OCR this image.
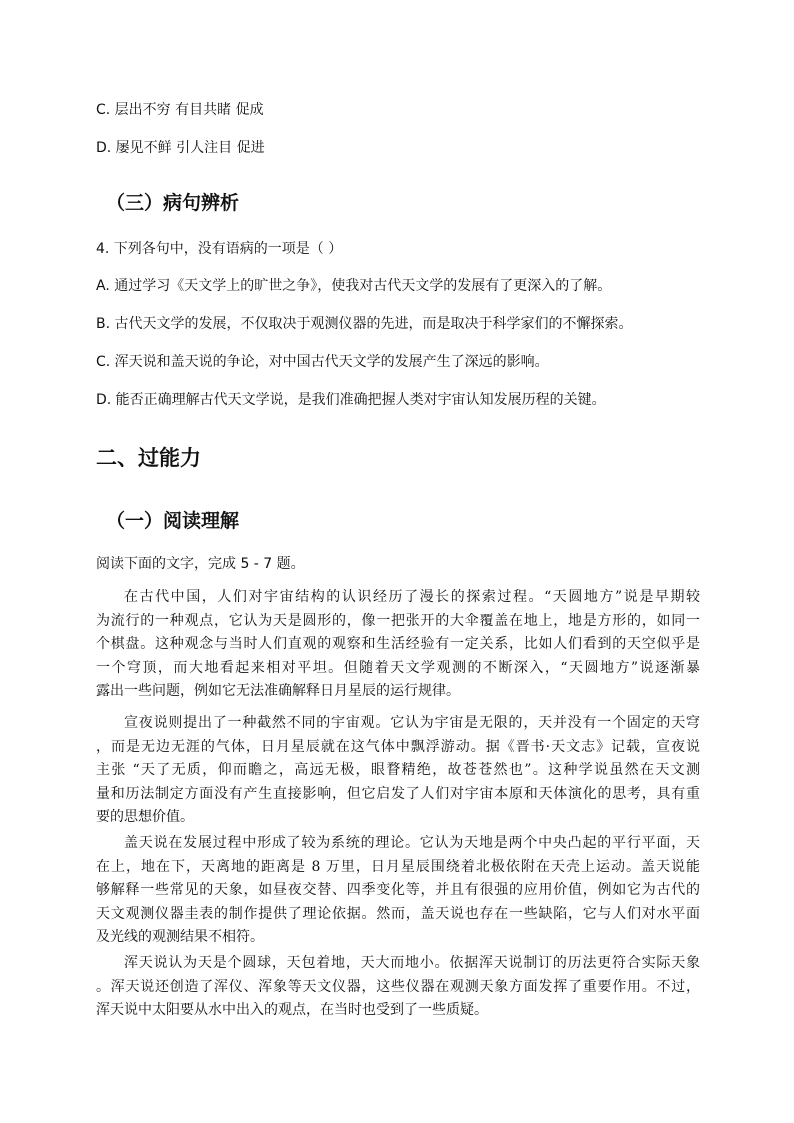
C. 层出不穷 有目共睹 促成
D. 屡见不鲜 引人注目 促进
（三）病句辨析
4. 下列各句中，没有语病的一项是（ ）
A. 通过学习《天文学上的旷世之争》，使我对古代天文学的发展有了更深入的了解。
B. 古代天文学的发展，不仅取决于观测仪器的先进，而是取决于科学家们的不懈探索。
C. 浑天说和盖天说的争论，对中国古代天文学的发展产生了深远的影响。
D. 能否正确理解古代天文学说，是我们准确把握人类对宇宙认知发展历程的关键。
二、过能力
（一）阅读理解
阅读下面的文字，完成 5 - 7 题。
在古代中国，人们对宇宙结构的认识经历了漫长的探索过程。“天圆地方”说是早期较
为流行的一种观点，它认为天是圆形的，像一把张开的大伞覆盖在地上，地是方形的，如同一
个棋盘。这种观念与当时人们直观的观察和生活经验有一定关系，比如人们看到的天空似乎是
一个穹顶，而大地看起来相对平坦。但随着天文学观测的不断深入，“天圆地方”说逐渐暴
露出一些问题，例如它无法准确解释日月星辰的运行规律。
宣夜说则提出了一种截然不同的宇宙观。它认为宇宙是无限的，天并没有一个固定的天穹
，而是无边无涯的气体，日月星辰就在这气体中飘浮游动。据《晋书·天文志》记载，宣夜说
主张 “天了无质，仰而瞻之，高远无极，眼瞀精绝，故苍苍然也”。这种学说虽然在天文测
量和历法制定方面没有产生直接影响，但它启发了人们对宇宙本原和天体演化的思考，具有重
要的思想价值。
盖天说在发展过程中形成了较为系统的理论。它认为天地是两个中央凸起的平行平面，天
在上，地在下，天离地的距离是 8 万里，日月星辰围绕着北极依附在天壳上运动。盖天说能
够解释一些常见的天象，如昼夜交替、四季变化等，并且有很强的应用价值，例如它为古代的
天文观测仪器圭表的制作提供了理论依据。然而，盖天说也存在一些缺陷，它与人们对水平面
及光线的观测结果不相符。
浑天说认为天是个圆球，天包着地，天大而地小。依据浑天说制订的历法更符合实际天象
。浑天说还创造了浑仪、浑象等天文仪器，这些仪器在观测天象方面发挥了重要作用。不过，
浑天说中太阳要从水中出入的观点，在当时也受到了一些质疑。
